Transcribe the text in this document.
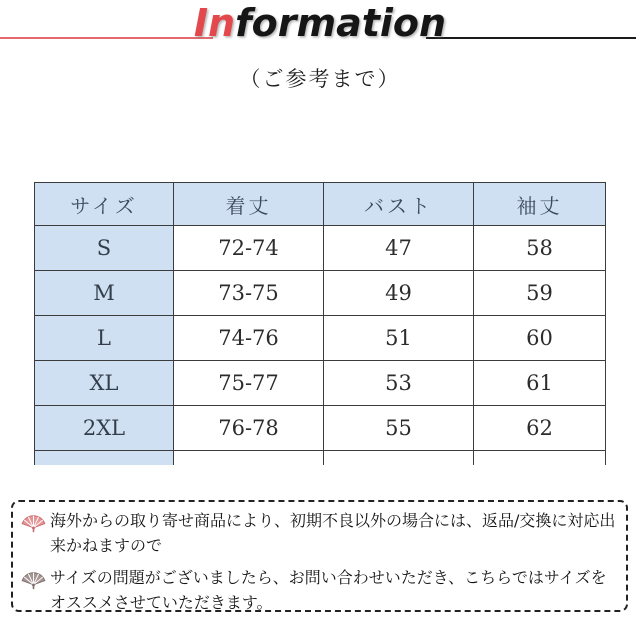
Information
（ご参考まで）
サイズ	着丈	バスト	袖丈
S	72-74	47	58
M	73-75	49	59
L	74-76	51	60
XL	75-77	53	61
2XL	76-78	55	62

海外からの取り寄せ商品により、初期不良以外の場合には、返品/交換に対応出来かねますので
サイズの問題がございましたら、お問い合わせいただき、こちらではサイズをオススメさせていただきます。
